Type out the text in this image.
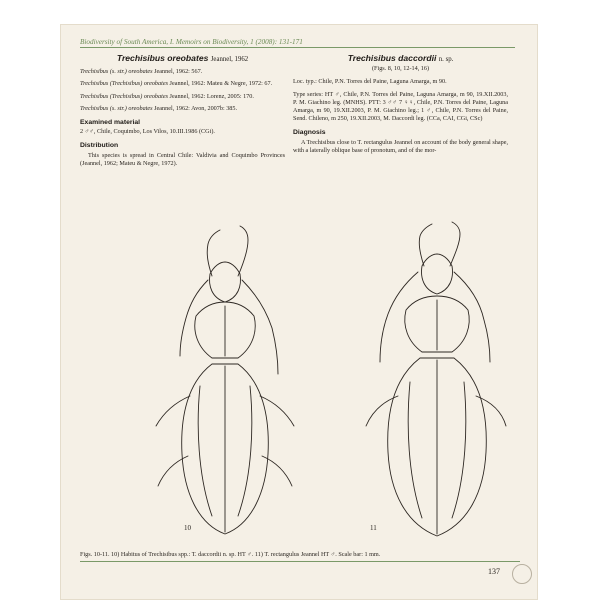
Biodiversity of South America, I. Memoirs on Biodiversity, 1 (2008): 131-171
Trechisibus oreobates Jeannel, 1962
Trechisibus (s. str.) oreobates Jeannel, 1962: 567.
Trechisibus (Trechisibus) oreobates Jeannel, 1962: Mateu & Negre, 1972: 67.
Trechisibus (Trechisibus) oreobates Jeannel, 1962: Lorenz, 2005: 170.
Trechisibus (s. str.) oreobates Jeannel, 1962: Avon, 2007b: 385.
Examined material
2 ♂♂, Chile, Coquimbo, Los Vilos, 10.III.1986 (CGi).
Distribution
This species is spread in Central Chile: Valdivia and Coquimbo Provinces (Jeannel, 1962; Mateu & Negre, 1972).
Trechisibus daccordii n. sp.
(Figs. 8, 10, 12-14, 16)
Loc. typ.: Chile, P.N. Torres del Paine, Laguna Amarga, m 90.
Type series: HT ♂, Chile, P.N. Torres del Paine, Laguna Amarga, m 90, 19.XII.2003, P. M. Giachino leg. (MNHS). PTT: 3 ♂♂ 7 ♀♀, Chile, P.N. Torres del Paine, Laguna Amarga, m 90, 19.XII.2003, P. M. Giachino leg.; 1 ♂, Chile, P.N. Torres del Paine, Send. Chileno, m 250, 19.XII.2003, M. Daccordi leg. (CCa, CAI, CGi, CSc)
Diagnosis
A Trechisibus close to T. rectangulus Jeannel on account of the body general shape, with a laterally oblique base of pronotum, and of the mor-
10	11
Figs. 10-11. 10) Habitus of Trechisibus spp.: T. daccordii n. sp. HT ♂. 11) T. rectangulus Jeannel HT ♂. Scale bar: 1 mm.
137
